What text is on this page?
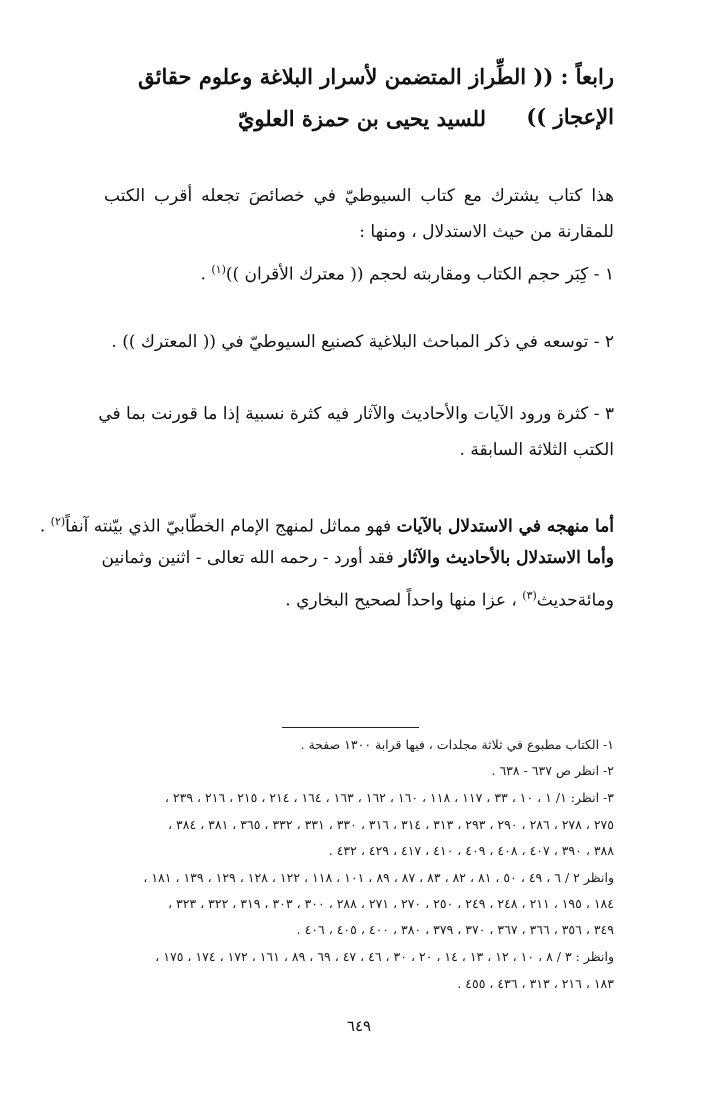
رابعاً : (( الطِّراز المتضمن لأسرار البلاغة وعلوم حقائق الإعجاز ))
للسيد يحيى بن حمزة العلويّ
هذا كتاب يشترك مع كتاب السيوطيّ في خصائصَ تجعله أقرب الكتب
للمقارنة من حيث الاستدلال ، ومنها :
١ - كِبَر حجم الكتاب ومقاربته لحجم (( معترك الأقران ))$^{(١)}$ .
٢ - توسعه في ذكر المباحث البلاغية كصنيع السيوطيّ في (( المعترك )) .
٣ - كثرة ورود الآيات والأحاديث والآثار فيه كثرة نسبية إذا ما قورنت بما في
الكتب الثلاثة السابقة .
أما منهجه في الاستدلال بالآيات فهو مماثل لمنهج الإمام الخطّابيّ الذي بيّنته آنفاً$^{(٢)}$ .
وأما الاستدلال بالأحاديث والآثار فقد أورد - رحمه الله تعالى - اثنين وثمانين
ومائةحديث$^{(٣)}$ ، عزا منها واحداً لصحيح البخاري .
١- الكتاب مطبوع في ثلاثة مجلدات ، فيها قرابة ١٣٠٠ صفحة .
٢- انظر ص ٦٣٧ - ٦٣٨ .
٣- انظر: ١/ ١ ، ١٠ ، ٣٣ ، ١١٧ ، ١١٨ ، ١٦٠ ، ١٦٢ ، ١٦٣ ، ١٦٤ ، ٢١٤ ، ٢١٥ ، ٢١٦ ، ٢٣٩ ،
٢٧٥ ، ٢٧٨ ، ٢٨٦ ، ٢٩٠ ، ٢٩٣ ، ٣١٣ ، ٣١٤ ، ٣١٦ ، ٣٣٠ ، ٣٣١ ، ٣٣٢ ، ٣٦٥ ، ٣٨١ ، ٣٨٤ ،
٣٨٨ ، ٣٩٠ ، ٤٠٧ ، ٤٠٨ ، ٤٠٩ ، ٤١٠ ، ٤١٧ ، ٤٢٩ ، ٤٣٢ .
وانظر ٢ / ٦ ، ٤٩ ، ٥٠ ، ٨١ ، ٨٢ ، ٨٣ ، ٨٧ ، ٨٩ ، ١٠١ ، ١١٨ ، ١٢٢ ، ١٢٨ ، ١٢٩ ، ١٣٩ ، ١٨١ ،
١٨٤ ، ١٩٥ ، ٢١١ ، ٢٤٨ ، ٢٤٩ ، ٢٥٠ ، ٢٧٠ ، ٢٧١ ، ٢٨٨ ، ٣٠٠ ، ٣٠٣ ، ٣١٩ ، ٣٢٢ ، ٣٢٣ ،
٣٤٩ ، ٣٥٦ ، ٣٦٦ ، ٣٦٧ ، ٣٧٠ ، ٣٧٩ ، ٣٨٠ ، ٤٠٠ ، ٤٠٥ ، ٤٠٦ .
وانظر : ٣ / ٨ ، ١٠ ، ١٢ ، ١٣ ، ١٤ ، ٢٠ ، ٣٠ ، ٤٦ ، ٤٧ ، ٦٩ ، ٨٩ ، ١٦١ ، ١٧٢ ، ١٧٤ ، ١٧٥ ،
١٨٣ ، ٢١٦ ، ٣١٣ ، ٤٣٦ ، ٤٥٥ .
٦٤٩
